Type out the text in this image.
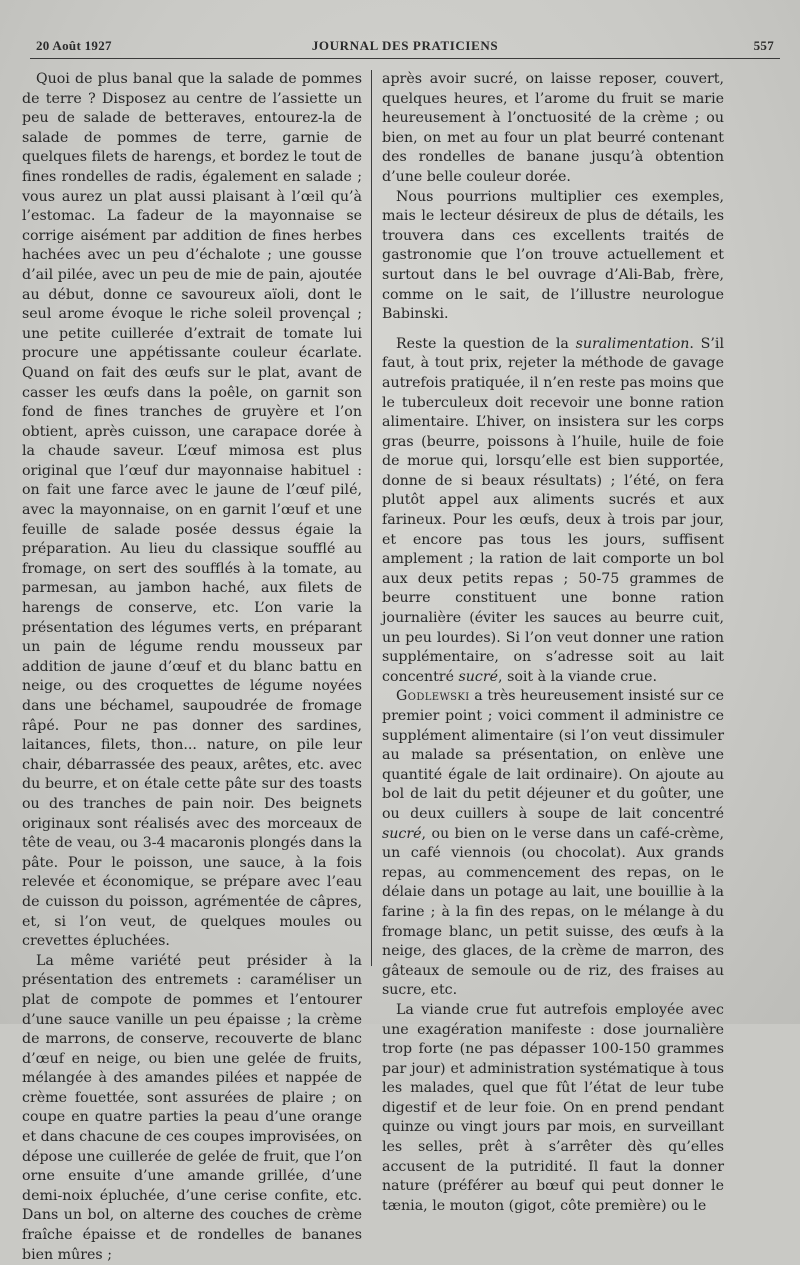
20 Août 1927	JOURNAL DES PRATICIENS	557

Quoi de plus banal que la salade de pommes de terre ? Disposez au centre de l’assiette un peu de salade de betteraves, entourez-la de salade de pommes de terre, garnie de quelques filets de harengs, et bordez le tout de fines rondelles de radis, également en salade ; vous aurez un plat aussi plaisant à l’œil qu’à l’estomac. La fadeur de la mayonnaise se corrige aisément par addition de fines herbes hachées avec un peu d’échalote ; une gousse d’ail pilée, avec un peu de mie de pain, ajoutée au début, donne ce savoureux aïoli, dont le seul arome évoque le riche soleil provençal ; une petite cuillerée d’extrait de tomate lui procure une appétissante couleur écarlate. Quand on fait des œufs sur le plat, avant de casser les œufs dans la poêle, on garnit son fond de fines tranches de gruyère et l’on obtient, après cuisson, une carapace dorée à la chaude saveur. L’œuf mimosa est plus original que l’œuf dur mayonnaise habituel : on fait une farce avec le jaune de l’œuf pilé, avec la mayonnaise, on en garnit l’œuf et une feuille de salade posée dessus égaie la préparation. Au lieu du classique soufflé au fromage, on sert des soufflés à la tomate, au parmesan, au jambon haché, aux filets de harengs de conserve, etc. L’on varie la présentation des légumes verts, en préparant un pain de légume rendu mousseux par addition de jaune d’œuf et du blanc battu en neige, ou des croquettes de légume noyées dans une béchamel, saupoudrée de fromage râpé. Pour ne pas donner des sardines, laitances, filets, thon... nature, on pile leur chair, débarrassée des peaux, arêtes, etc. avec du beurre, et on étale cette pâte sur des toasts ou des tranches de pain noir. Des beignets originaux sont réalisés avec des morceaux de tête de veau, ou 3-4 macaronis plongés dans la pâte. Pour le poisson, une sauce, à la fois relevée et économique, se prépare avec l’eau de cuisson du poisson, agrémentée de câpres, et, si l’on veut, de quelques moules ou crevettes épluchées.

La même variété peut présider à la présentation des entremets : caraméliser un plat de compote de pommes et l’entourer d’une sauce vanille un peu épaisse ; la crème de marrons, de conserve, recouverte de blanc d’œuf en neige, ou bien une gelée de fruits, mélangée à des amandes pilées et nappée de crème fouettée, sont assurées de plaire ; on coupe en quatre parties la peau d’une orange et dans chacune de ces coupes improvisées, on dépose une cuillerée de gelée de fruit, que l’on orne ensuite d’une amande grillée, d’une demi-noix épluchée, d’une cerise confite, etc. Dans un bol, on alterne des couches de crème fraîche épaisse et de rondelles de bananes bien mûres ;

après avoir sucré, on laisse reposer, couvert, quelques heures, et l’arome du fruit se marie heureusement à l’onctuosité de la crème ; ou bien, on met au four un plat beurré contenant des rondelles de banane jusqu’à obtention d’une belle couleur dorée.

Nous pourrions multiplier ces exemples, mais le lecteur désireux de plus de détails, les trouvera dans ces excellents traités de gastronomie que l’on trouve actuellement et surtout dans le bel ouvrage d’Ali-Bab, frère, comme on le sait, de l’illustre neurologue Babinski.

Reste la question de la suralimentation. S’il faut, à tout prix, rejeter la méthode de gavage autrefois pratiquée, il n’en reste pas moins que le tuberculeux doit recevoir une bonne ration alimentaire. L’hiver, on insistera sur les corps gras (beurre, poissons à l’huile, huile de foie de morue qui, lorsqu’elle est bien supportée, donne de si beaux résultats) ; l’été, on fera plutôt appel aux aliments sucrés et aux farineux. Pour les œufs, deux à trois par jour, et encore pas tous les jours, suffisent amplement ; la ration de lait comporte un bol aux deux petits repas ; 50-75 grammes de beurre constituent une bonne ration journalière (éviter les sauces au beurre cuit, un peu lourdes). Si l’on veut donner une ration supplémentaire, on s’adresse soit au lait concentré sucré, soit à la viande crue.

Godlewski a très heureusement insisté sur ce premier point ; voici comment il administre ce supplément alimentaire (si l’on veut dissimuler au malade sa présentation, on enlève une quantité égale de lait ordinaire). On ajoute au bol de lait du petit déjeuner et du goûter, une ou deux cuillers à soupe de lait concentré sucré, ou bien on le verse dans un café-crème, un café viennois (ou chocolat). Aux grands repas, au commencement des repas, on le délaie dans un potage au lait, une bouillie à la farine ; à la fin des repas, on le mélange à du fromage blanc, un petit suisse, des œufs à la neige, des glaces, de la crème de marron, des gâteaux de semoule ou de riz, des fraises au sucre, etc.

La viande crue fut autrefois employée avec une exagération manifeste : dose journalière trop forte (ne pas dépasser 100-150 grammes par jour) et administration systématique à tous les malades, quel que fût l’état de leur tube digestif et de leur foie. On en prend pendant quinze ou vingt jours par mois, en surveillant les selles, prêt à s’arrêter dès qu’elles accusent de la putridité. Il faut la donner nature (préférer au bœuf qui peut donner le tænia, le mouton (gigot, côte première) ou le
